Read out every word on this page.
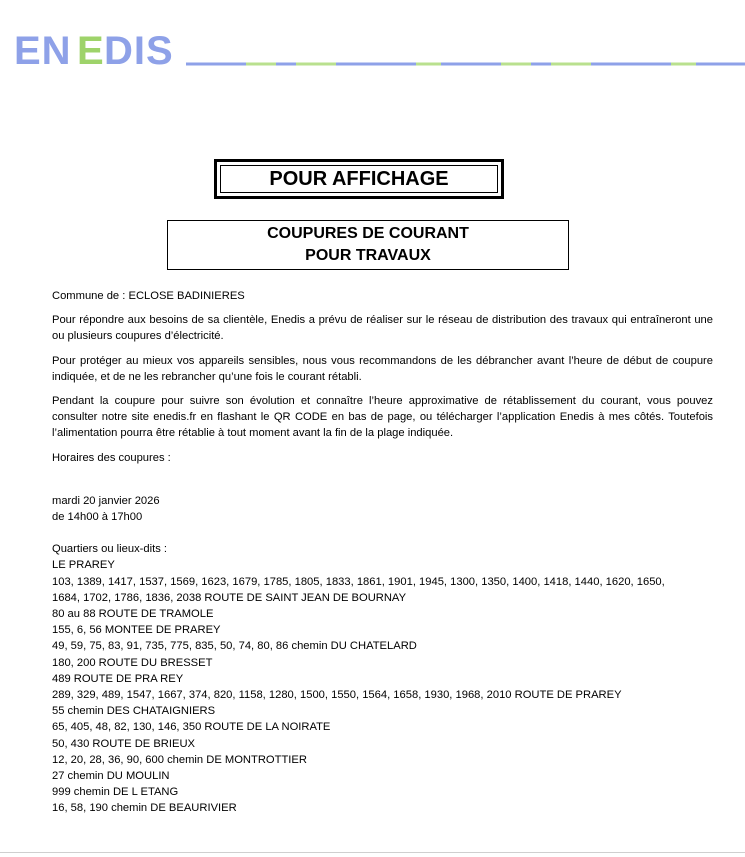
EN E DIS
POUR AFFICHAGE
COUPURES DE COURANT
POUR TRAVAUX

Commune de : ECLOSE BADINIERES

Pour répondre aux besoins de sa clientèle, Enedis a prévu de réaliser sur le réseau de distribution des travaux qui entraîneront une ou plusieurs coupures d’électricité.

Pour protéger au mieux vos appareils sensibles, nous vous recommandons de les débrancher avant l’heure de début de coupure indiquée, et de ne les rebrancher qu’une fois le courant rétabli.

Pendant la coupure pour suivre son évolution et connaître l’heure approximative de rétablissement du courant, vous pouvez consulter notre site enedis.fr en flashant le QR CODE en bas de page, ou télécharger l’application Enedis à mes côtés. Toutefois l’alimentation pourra être rétablie à tout moment avant la fin de la plage indiquée.

Horaires des coupures :
mardi 20 janvier 2026
de 14h00 à 17h00
Quartiers ou lieux-dits :
LE PRAREY
103, 1389, 1417, 1537, 1569, 1623, 1679, 1785, 1805, 1833, 1861, 1901, 1945, 1300, 1350, 1400, 1418, 1440, 1620, 1650,
1684, 1702, 1786, 1836, 2038 ROUTE DE SAINT JEAN DE BOURNAY
80 au 88 ROUTE DE TRAMOLE
155, 6, 56 MONTEE DE PRAREY
49, 59, 75, 83, 91, 735, 775, 835, 50, 74, 80, 86 chemin DU CHATELARD
180, 200 ROUTE DU BRESSET
489 ROUTE DE PRA REY
289, 329, 489, 1547, 1667, 374, 820, 1158, 1280, 1500, 1550, 1564, 1658, 1930, 1968, 2010 ROUTE DE PRAREY
55 chemin DES CHATAIGNIERS
65, 405, 48, 82, 130, 146, 350 ROUTE DE LA NOIRATE
50, 430 ROUTE DE BRIEUX
12, 20, 28, 36, 90, 600 chemin DE MONTROTTIER
27 chemin DU MOULIN
999 chemin DE L ETANG
16, 58, 190 chemin DE BEAURIVIER
